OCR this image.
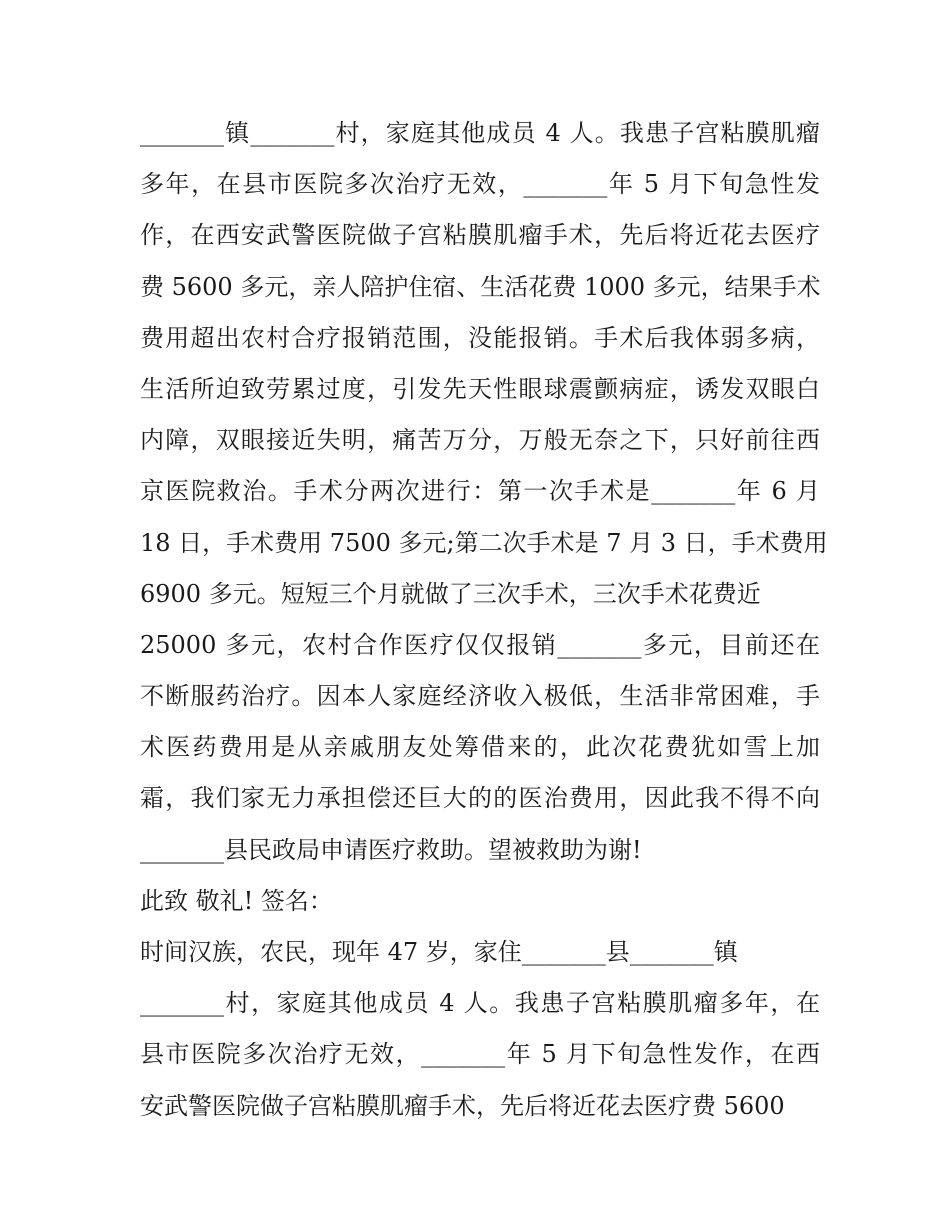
_______镇_______村，家庭其他成员 4 人。我患子宫粘膜肌瘤
多年，在县市医院多次治疗无效，_______年 5 月下旬急性发
作，在西安武警医院做子宫粘膜肌瘤手术，先后将近花去医疗
费 5600 多元，亲人陪护住宿、生活花费 1000 多元，结果手术
费用超出农村合疗报销范围，没能报销。手术后我体弱多病，
生活所迫致劳累过度，引发先天性眼球震颤病症，诱发双眼白
内障，双眼接近失明，痛苦万分，万般无奈之下，只好前往西
京医院救治。手术分两次进行：第一次手术是_______年 6 月
18 日，手术费用 7500 多元;第二次手术是 7 月 3 日，手术费用
6900 多元。短短三个月就做了三次手术，三次手术花费近
25000 多元，农村合作医疗仅仅报销_______多元，目前还在
不断服药治疗。因本人家庭经济收入极低，生活非常困难，手
术医药费用是从亲戚朋友处筹借来的，此次花费犹如雪上加
霜，我们家无力承担偿还巨大的的医治费用，因此我不得不向
_______县民政局申请医疗救助。望被救助为谢!
此致 敬礼! 签名：
时间汉族，农民，现年 47 岁，家住_______县_______镇
_______村，家庭其他成员 4 人。我患子宫粘膜肌瘤多年，在
县市医院多次治疗无效，_______年 5 月下旬急性发作，在西
安武警医院做子宫粘膜肌瘤手术，先后将近花去医疗费 5600
